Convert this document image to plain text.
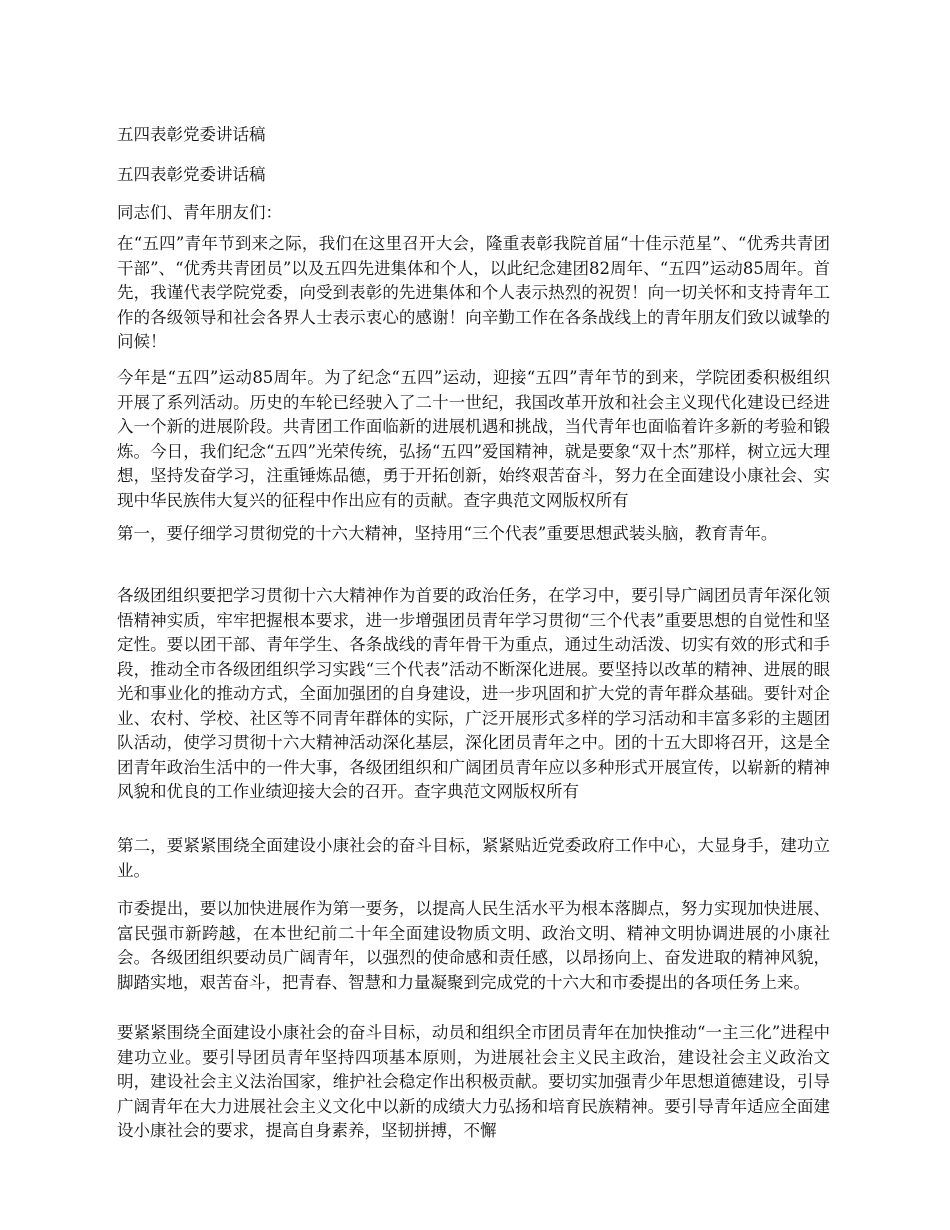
五四表彰党委讲话稿
五四表彰党委讲话稿
同志们、青年朋友们：
在“五四”青年节到来之际，我们在这里召开大会，隆重表彰我院首届“十佳示范星”、“优秀共青团干部”、“优秀共青团员”以及五四先进集体和个人，以此纪念建团82周年、“五四”运动85周年。首先，我谨代表学院党委，向受到表彰的先进集体和个人表示热烈的祝贺！向一切关怀和支持青年工作的各级领导和社会各界人士表示衷心的感谢！向辛勤工作在各条战线上的青年朋友们致以诚挚的问候！
今年是“五四”运动85周年。为了纪念“五四”运动，迎接“五四”青年节的到来，学院团委积极组织开展了系列活动。历史的车轮已经驶入了二十一世纪，我国改革开放和社会主义现代化建设已经进入一个新的进展阶段。共青团工作面临新的进展机遇和挑战，当代青年也面临着许多新的考验和锻炼。今日，我们纪念“五四”光荣传统，弘扬“五四”爱国精神，就是要象“双十杰”那样，树立远大理想，坚持发奋学习，注重锤炼品德，勇于开拓创新，始终艰苦奋斗，努力在全面建设小康社会、实现中华民族伟大复兴的征程中作出应有的贡献。查字典范文网版权所有
第一，要仔细学习贯彻党的十六大精神，坚持用“三个代表”重要思想武装头脑，教育青年。
各级团组织要把学习贯彻十六大精神作为首要的政治任务，在学习中，要引导广阔团员青年深化领悟精神实质，牢牢把握根本要求，进一步增强团员青年学习贯彻“三个代表”重要思想的自觉性和坚定性。要以团干部、青年学生、各条战线的青年骨干为重点，通过生动活泼、切实有效的形式和手段，推动全市各级团组织学习实践“三个代表”活动不断深化进展。要坚持以改革的精神、进展的眼光和事业化的推动方式，全面加强团的自身建设，进一步巩固和扩大党的青年群众基础。要针对企业、农村、学校、社区等不同青年群体的实际，广泛开展形式多样的学习活动和丰富多彩的主题团队活动，使学习贯彻十六大精神活动深化基层，深化团员青年之中。团的十五大即将召开，这是全团青年政治生活中的一件大事，各级团组织和广阔团员青年应以多种形式开展宣传，以崭新的精神风貌和优良的工作业绩迎接大会的召开。查字典范文网版权所有
第二，要紧紧围绕全面建设小康社会的奋斗目标，紧紧贴近党委政府工作中心，大显身手，建功立业。
市委提出，要以加快进展作为第一要务，以提高人民生活水平为根本落脚点，努力实现加快进展、富民强市新跨越，在本世纪前二十年全面建设物质文明、政治文明、精神文明协调进展的小康社会。各级团组织要动员广阔青年，以强烈的使命感和责任感，以昂扬向上、奋发进取的精神风貌，脚踏实地，艰苦奋斗，把青春、智慧和力量凝聚到完成党的十六大和市委提出的各项任务上来。
要紧紧围绕全面建设小康社会的奋斗目标，动员和组织全市团员青年在加快推动“一主三化”进程中建功立业。要引导团员青年坚持四项基本原则，为进展社会主义民主政治，建设社会主义政治文明，建设社会主义法治国家，维护社会稳定作出积极贡献。要切实加强青少年思想道德建设，引导广阔青年在大力进展社会主义文化中以新的成绩大力弘扬和培育民族精神。要引导青年适应全面建设小康社会的要求，提高自身素养，坚韧拼搏，不懈
